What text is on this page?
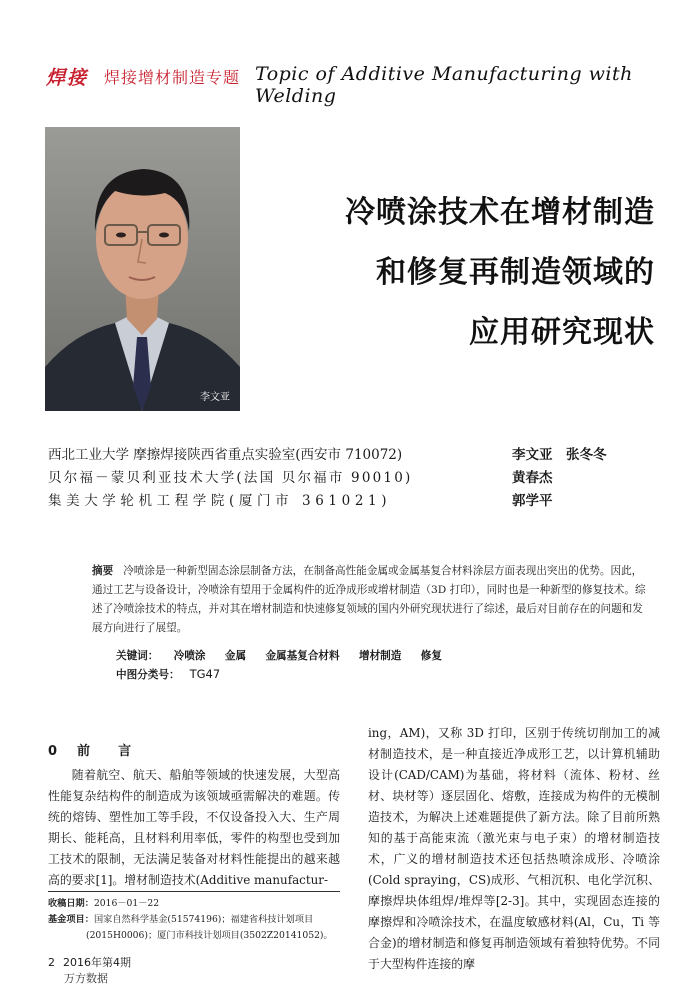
焊接 焊接增材制造专题 Topic of Additive Manufacturing with Welding
李文亚
冷喷涂技术在增材制造
和修复再制造领域的
应用研究现状
西北工业大学 摩擦焊接陕西省重点实验室(西安市 710072)
贝尔福－蒙贝利亚技术大学(法国 贝尔福市 90010)
集美大学轮机工程学院(厦门市 361021)
李文亚　张冬冬
黄春杰
郭学平
摘要 冷喷涂是一种新型固态涂层制备方法，在制备高性能金属或金属基复合材料涂层方面表现出突出的优势。因此，通过工艺与设备设计，冷喷涂有望用于金属构件的近净成形或增材制造（3D 打印），同时也是一种新型的修复技术。综述了冷喷涂技术的特点，并对其在增材制造和快速修复领域的国内外研究现状进行了综述，最后对目前存在的问题和发展方向进行了展望。
关键词： 冷喷涂 金属 金属基复合材料 增材制造 修复
中图分类号： TG47
0 前 言
随着航空、航天、船舶等领域的快速发展，大型高性能复杂结构件的制造成为该领域亟需解决的难题。传统的熔铸、塑性加工等手段，不仅设备投入大、生产周期长、能耗高，且材料利用率低，零件的构型也受到加工技术的限制，无法满足装备对材料性能提出的越来越高的要求[1]。增材制造技术(Additive manufactur-
ing，AM)，又称 3D 打印，区别于传统切削加工的减材制造技术，是一种直接近净成形工艺，以计算机辅助设计(CAD/CAM)为基础，将材料（流体、粉材、丝材、块材等）逐层固化、熔敷，连接成为构件的无模制造技术，为解决上述难题提供了新方法。除了目前所熟知的基于高能束流（激光束与电子束）的增材制造技术，广义的增材制造技术还包括热喷涂成形、冷喷涂(Cold spraying，CS)成形、气相沉积、电化学沉积、摩擦焊块体组焊/堆焊等[2-3]。其中，实现固态连接的摩擦焊和冷喷涂技术，在温度敏感材料(Al，Cu，Ti 等合金)的增材制造和修复再制造领域有着独特优势。不同于大型构件连接的摩
收稿日期：2016－01－22
基金项目：国家自然科学基金(51574196)；福建省科技计划项目
(2015H0006)；厦门市科技计划项目(3502Z20141052)。
2 2016年第4期
万方数据
